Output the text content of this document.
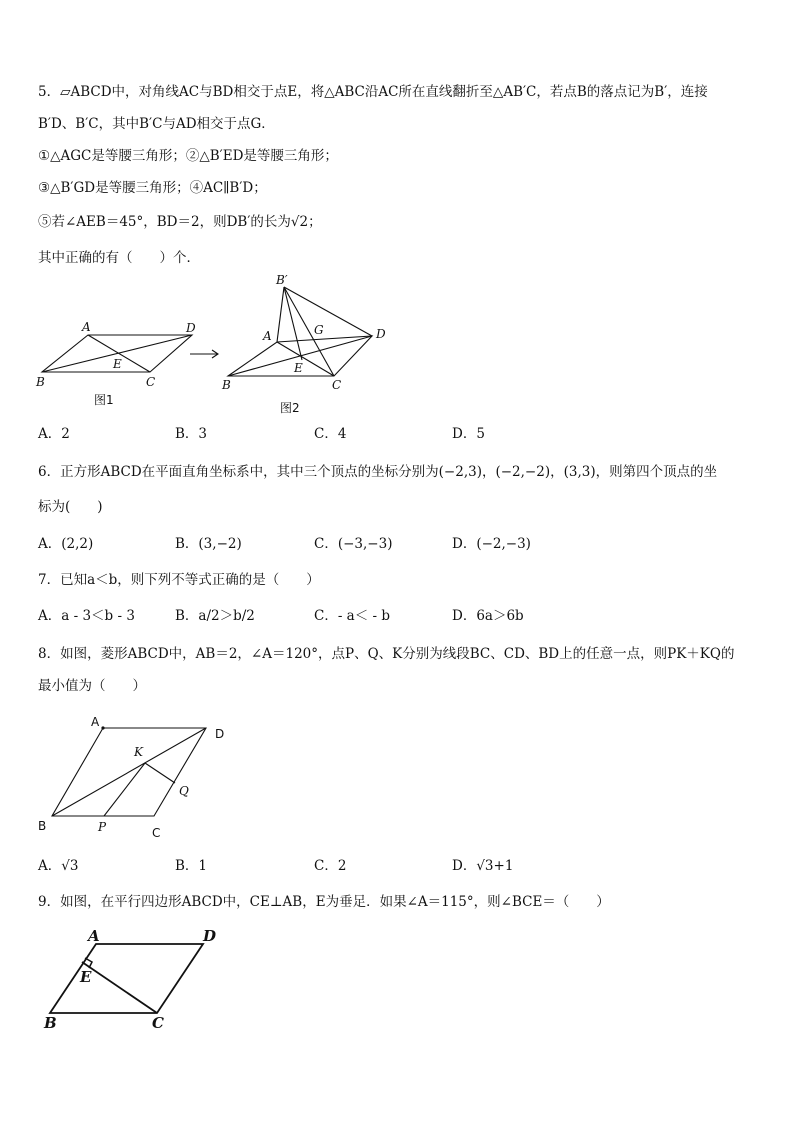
5．▱ABCD中，对角线AC与BD相交于点E，将△ABC沿AC所在直线翻折至△AB′C，若点B的落点记为B′，连接
B′D、B′C，其中B′C与AD相交于点G．
①△AGC是等腰三角形；②△B′ED是等腰三角形；
③△B′GD是等腰三角形；④AC∥B′D；
⑤若∠AEB＝45°，BD＝2，则DB′的长为√2；
其中正确的有（　　）个．
A	D
B	C
E
图1
B′
A	G	D
E
B	C
图2
A
D
K
Q
B	P	C
A	D
E
B	C
A．2	B．3	C．4	D．5
6．正方形ABCD在平面直角坐标系中，其中三个顶点的坐标分别为(−2,3)，(−2,−2)，(3,3)，则第四个顶点的坐
标为(　　)
A．(2,2)	B．(3,−2)	C．(−3,−3)	D．(−2,−3)
7．已知a＜b，则下列不等式正确的是（　　）
A．a - 3＜b - 3	B．a/2＞b/2	C．- a＜ - b	D．6a＞6b
8．如图，菱形ABCD中，AB＝2，∠A＝120°，点P、Q、K分别为线段BC、CD、BD上的任意一点，则PK＋KQ的
最小值为（　　）
A．√3	B．1	C．2	D．√3+1
9．如图，在平行四边形ABCD中，CE⊥AB，E为垂足．如果∠A＝115°，则∠BCE＝（　　）
